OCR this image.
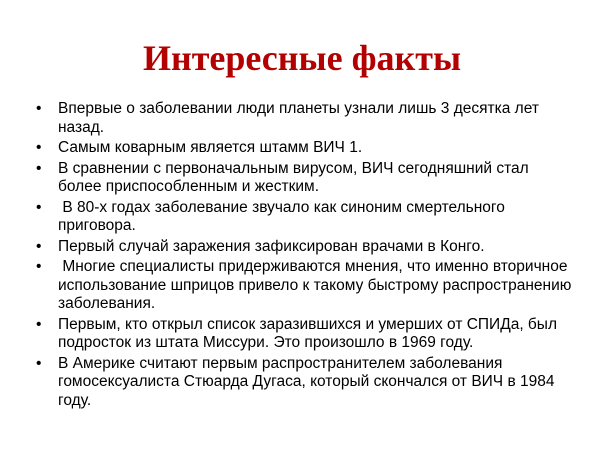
Интересные факты
• Впервые о заболевании люди планеты узнали лишь 3 десятка лет назад.
• Самым коварным является штамм ВИЧ 1.
• В сравнении с первоначальным вирусом, ВИЧ сегодняшний стал более приспособленным и жестким.
• В 80-х годах заболевание звучало как синоним смертельного приговора.
• Первый случай заражения зафиксирован врачами в Конго.
• Многие специалисты придерживаются мнения, что именно вторичное использование шприцов привело к такому быстрому распространению заболевания.
• Первым, кто открыл список заразившихся и умерших от СПИДа, был подросток из штата Миссури. Это произошло в 1969 году.
• В Америке считают первым распространителем заболевания гомосексуалиста Стюарда Дугаса, который скончался от ВИЧ в 1984 году.
